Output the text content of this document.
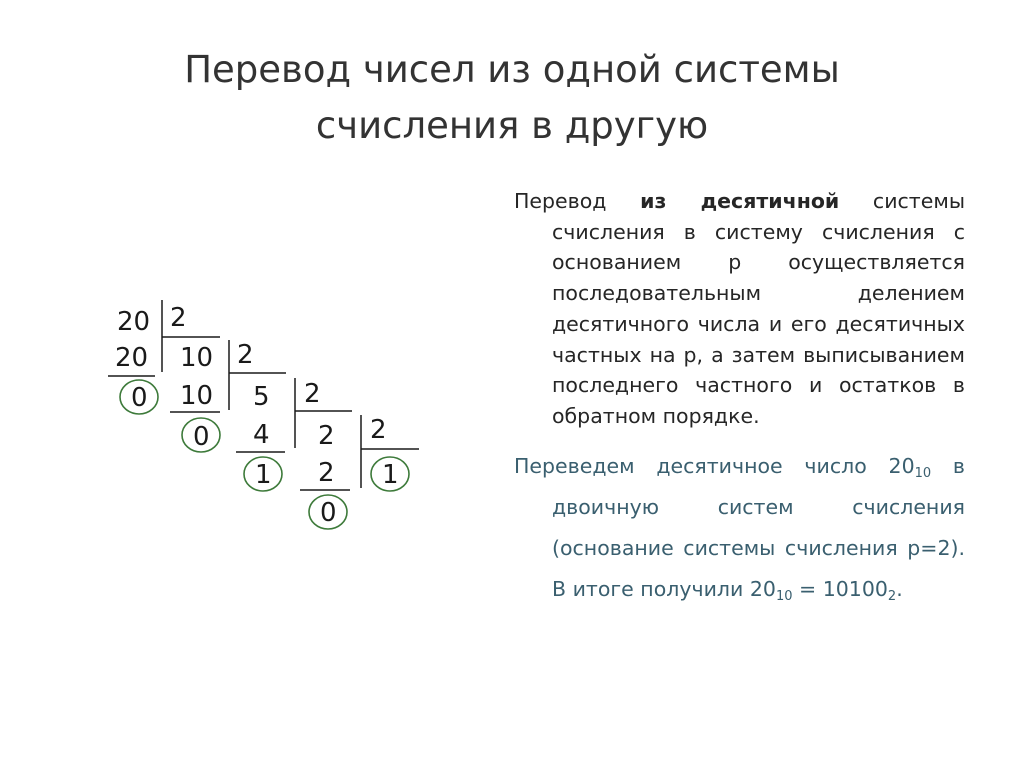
Перевод чисел из одной системы
счисления в другую

Перевод из десятичной системы счисления в систему счисления с основанием p осуществляется последовательным делением десятичного числа и его десятичных частных на p, а затем выписыванием последнего частного и остатков в обратном порядке.

Переведем десятичное число $20_{10}$ в двоичную систем счисления (основание системы счисления p=2). В итоге получили $20_{10} = 10100_2$.

20 2
20 10
0
2
10 5
0
2
4 2
1
2
2 1
0
